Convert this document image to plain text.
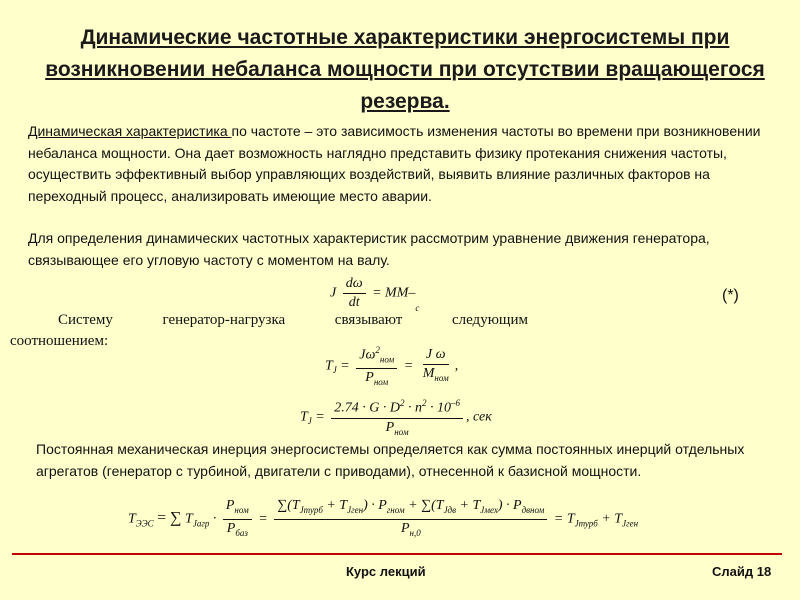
Динамические частотные характеристики энергосистемы при возникновении небаланса мощности при отсутствии вращающегося резерва.
Динамическая характеристика по частоте – это зависимость изменения частоты во времени при возникновении небаланса мощности. Она дает возможность наглядно представить физику протекания снижения частоты, осуществить эффективный выбор управляющих воздействий, выявить влияние различных факторов на переходный процесс, анализировать имеющие место аварии.
Для определения динамических частотных характеристик рассмотрим уравнение движения генератора, связывающее его угловую частоту с моментом на валу.
J $\frac{d\omega}{dt} = MM-_c$
(*)
Систему	генератор-нагрузка	связывают	следующим
соотношением:
$T_J = \frac{J\omega^2_{ном}}{P_{ном}} = \frac{\text{J ω}}{M_{ном}}$ ,
$T_J = \frac{2.74 \cdot G \cdot D^2 \cdot n^2 \cdot 10^{-6}}{P_{ном}}$ , сек
Постоянная механическая инерция энергосистемы определяется как сумма постоянных инерций отдельных агрегатов (генератор с турбиной, двигатели с приводами), отнесенной к базисной мощности.
$T_{ЭЭС}$ = ∑ $T_{Jагр} \cdot \frac{P_{ном}}{P_{баз}} = \frac{\sum(T_{Jтурб} + T_{Jген}) \cdot P_{гном} + \sum(T_{Jдв} + T_{Jмех}) \cdot P_{двном}}{P_{н,0}} = T_{Jтурб} + T_{Jген}$
Курс лекций	Слайд 18
